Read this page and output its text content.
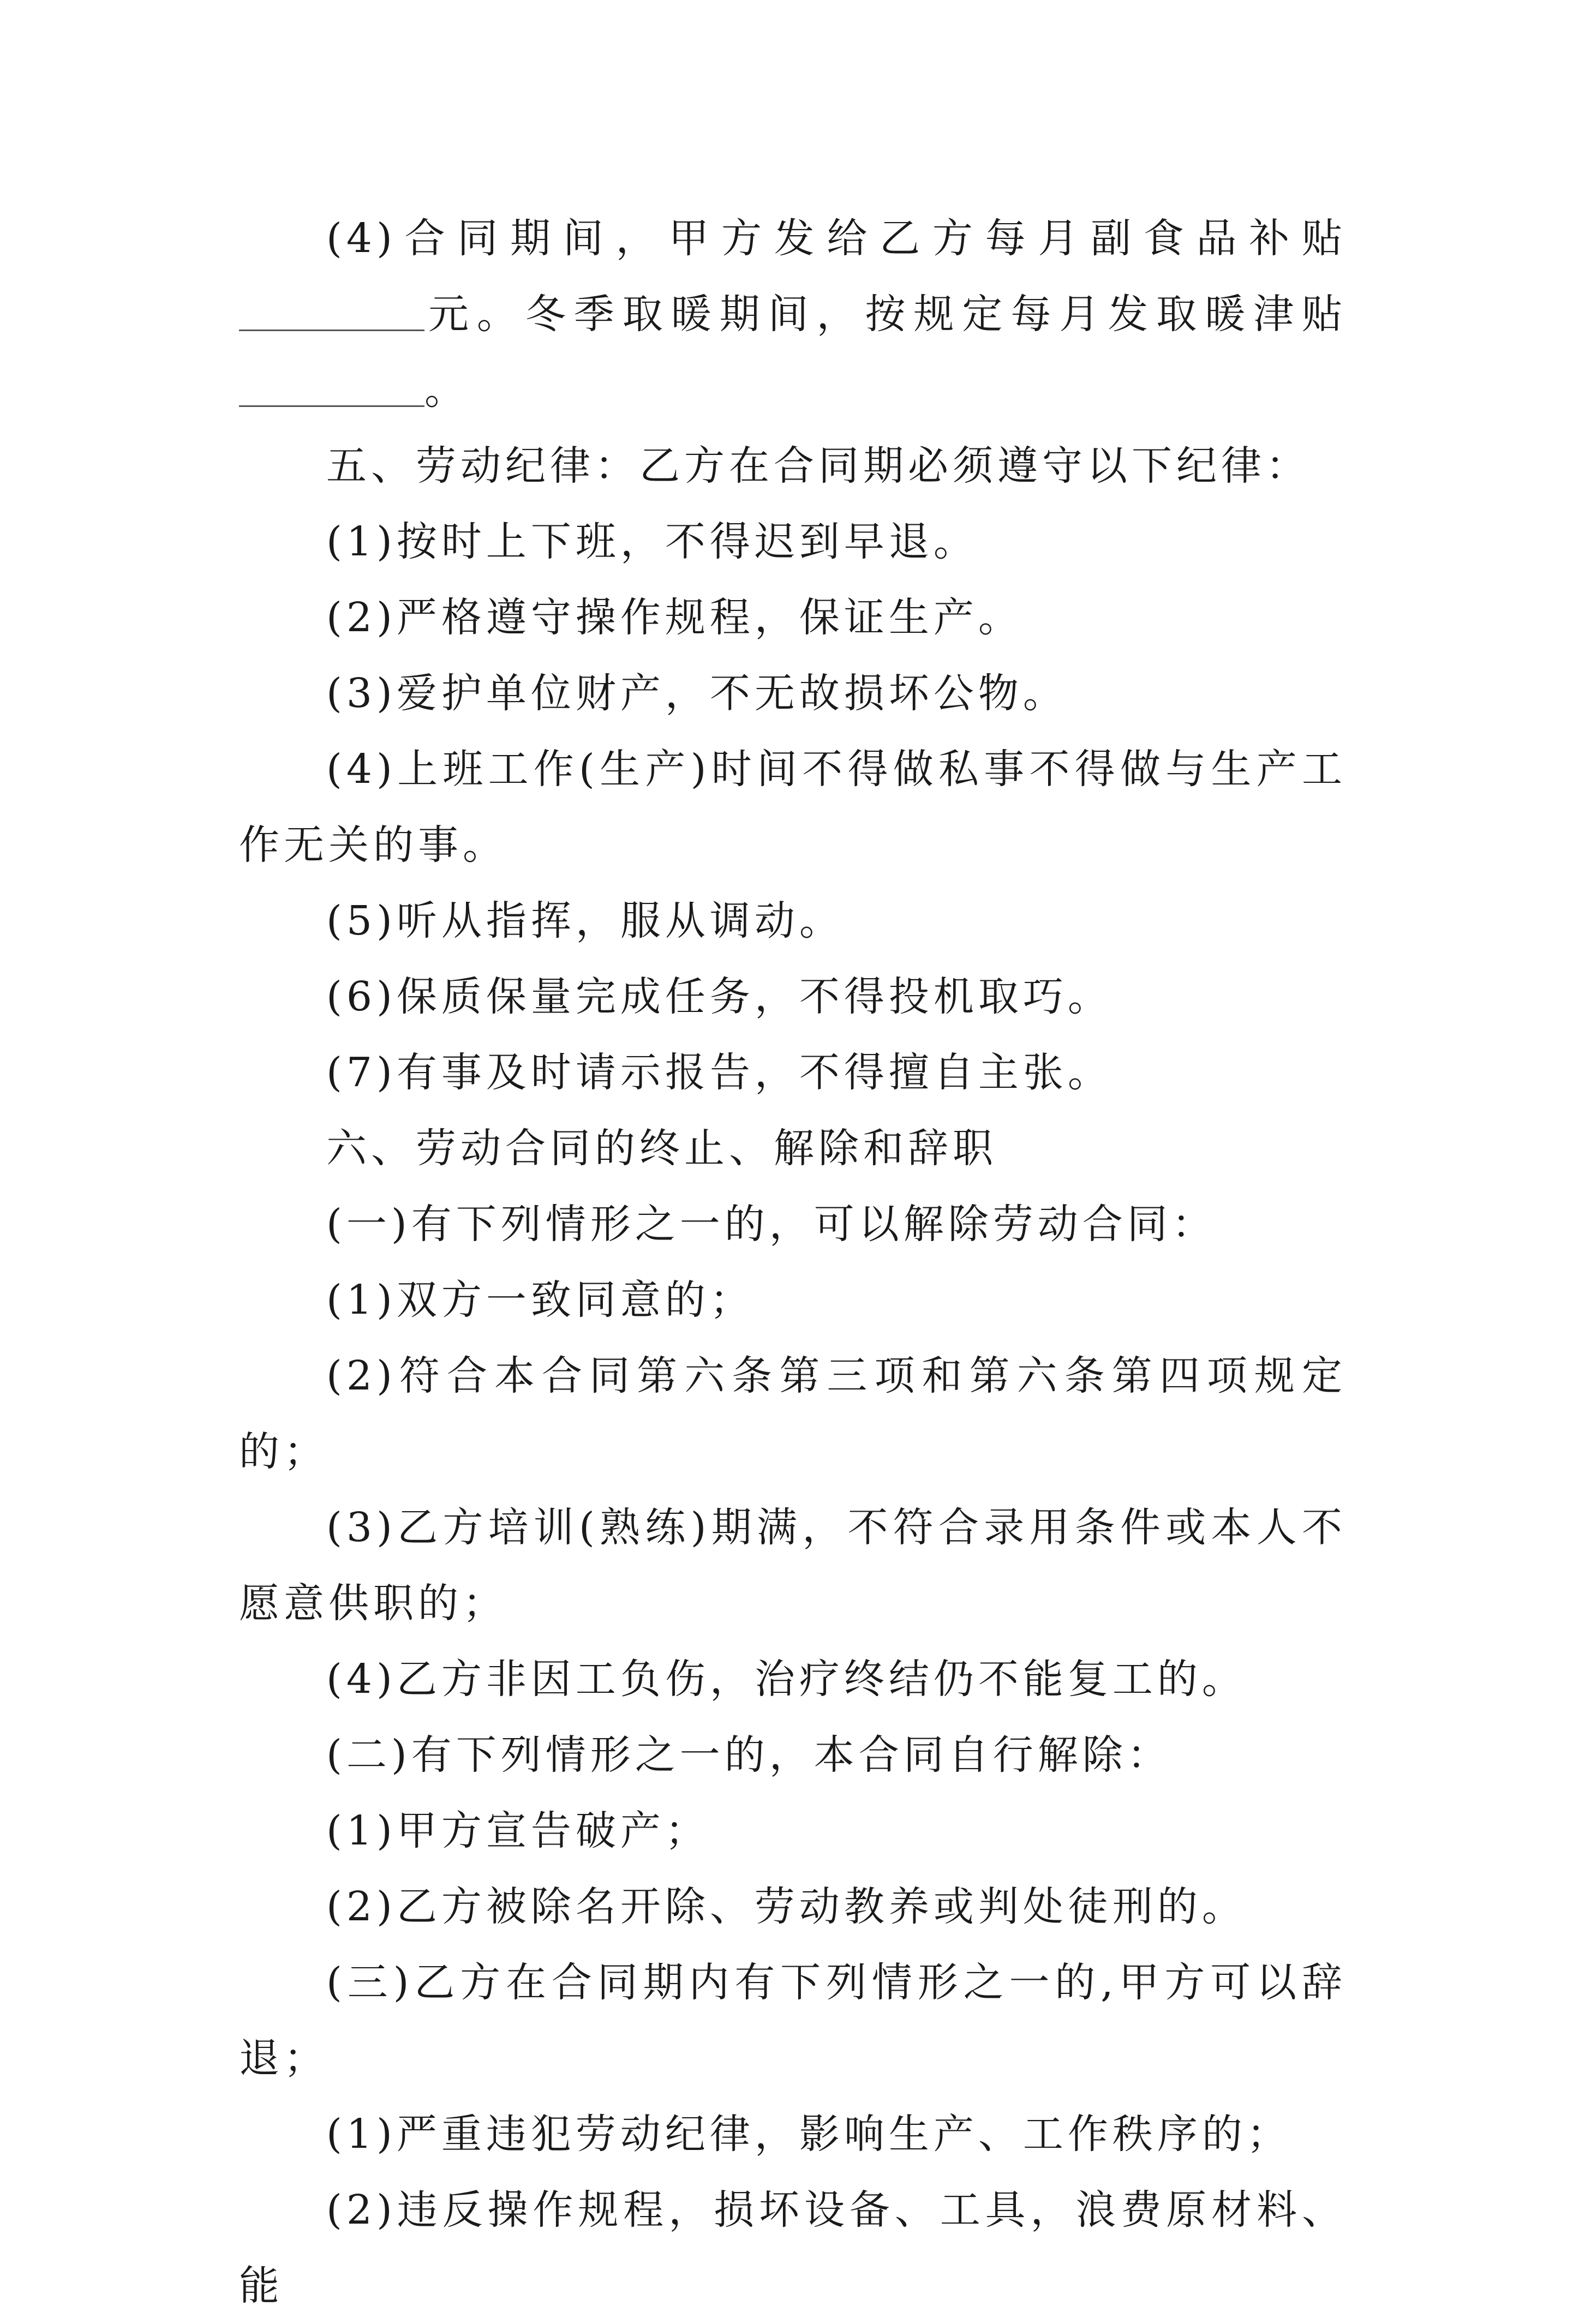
(4)合同期间，甲方发给乙方每月副食品补贴元。冬季取暖期间，按规定每月发取暖津贴。
五、劳动纪律：乙方在合同期必须遵守以下纪律：
(1)按时上下班，不得迟到早退。
(2)严格遵守操作规程，保证生产。
(3)爱护单位财产，不无故损坏公物。
(4)上班工作(生产)时间不得做私事不得做与生产工作无关的事。
(5)听从指挥，服从调动。
(6)保质保量完成任务，不得投机取巧。
(7)有事及时请示报告，不得擅自主张。
六、劳动合同的终止、解除和辞职
(一)有下列情形之一的，可以解除劳动合同：
(1)双方一致同意的；
(2)符合本合同第六条第三项和第六条第四项规定的；
(3)乙方培训(熟练)期满，不符合录用条件或本人不愿意供职的；
(4)乙方非因工负伤，治疗终结仍不能复工的。
(二)有下列情形之一的，本合同自行解除：
(1)甲方宣告破产；
(2)乙方被除名开除、劳动教养或判处徒刑的。
(三)乙方在合同期内有下列情形之一的,甲方可以辞退；
(1)严重违犯劳动纪律，影响生产、工作秩序的；
(2)违反操作规程，损坏设备、工具，浪费原材料、能
